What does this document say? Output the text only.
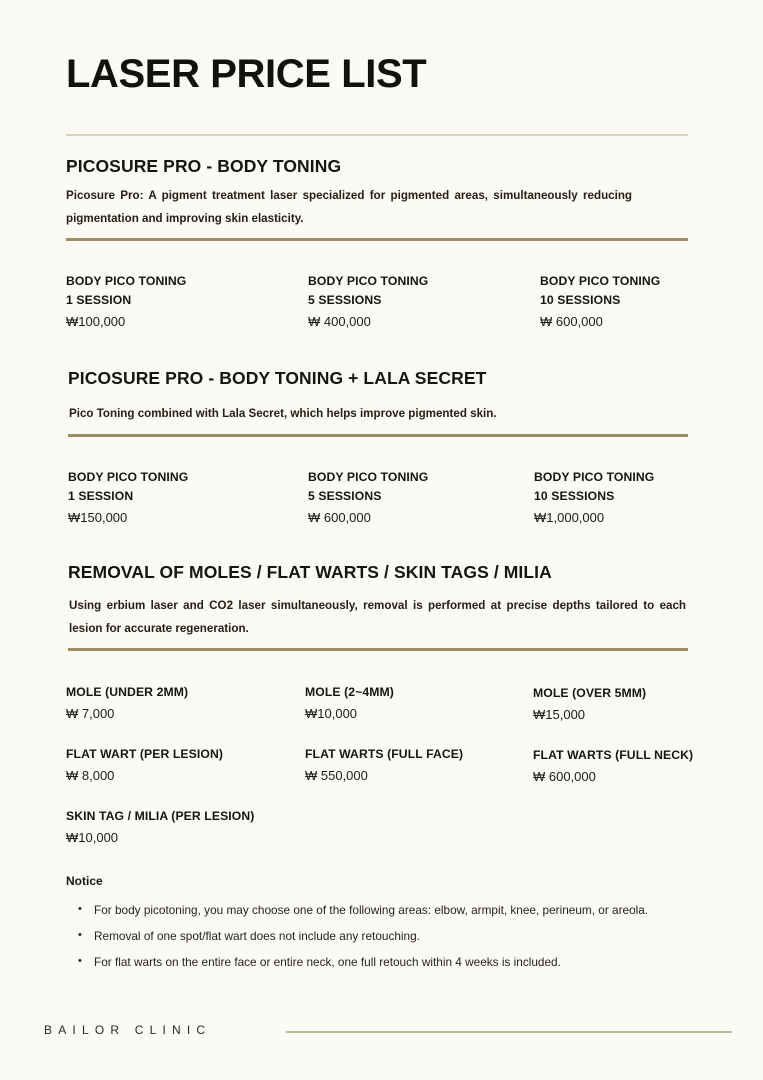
LASER PRICE LIST
PICOSURE PRO - BODY TONING
Picosure Pro: A pigment treatment laser specialized for pigmented areas, simultaneously reducing pigmentation and improving skin elasticity.
BODY PICO TONING
1 SESSION
₩100,000
BODY PICO TONING
5 SESSIONS
₩ 400,000
BODY PICO TONING
10 SESSIONS
₩ 600,000
PICOSURE PRO - BODY TONING + LALA SECRET
Pico Toning combined with Lala Secret, which helps improve pigmented skin.
BODY PICO TONING
1 SESSION
₩150,000
BODY PICO TONING
5 SESSIONS
₩ 600,000
BODY PICO TONING
10 SESSIONS
₩1,000,000
REMOVAL OF MOLES / FLAT WARTS / SKIN TAGS / MILIA
Using erbium laser and CO2 laser simultaneously, removal is performed at precise depths tailored to each lesion for accurate regeneration.
MOLE (UNDER 2MM)
₩ 7,000
MOLE (2~4MM)
₩10,000
MOLE (OVER 5MM)
₩15,000
FLAT WART (PER LESION)
₩ 8,000
FLAT WARTS (FULL FACE)
₩ 550,000
FLAT WARTS (FULL NECK)
₩ 600,000
SKIN TAG / MILIA (PER LESION)
₩10,000
Notice
• For body picotoning, you may choose one of the following areas: elbow, armpit, knee, perineum, or areola.
• Removal of one spot/flat wart does not include any retouching.
• For flat warts on the entire face or entire neck, one full retouch within 4 weeks is included.
BAILOR CLINIC
